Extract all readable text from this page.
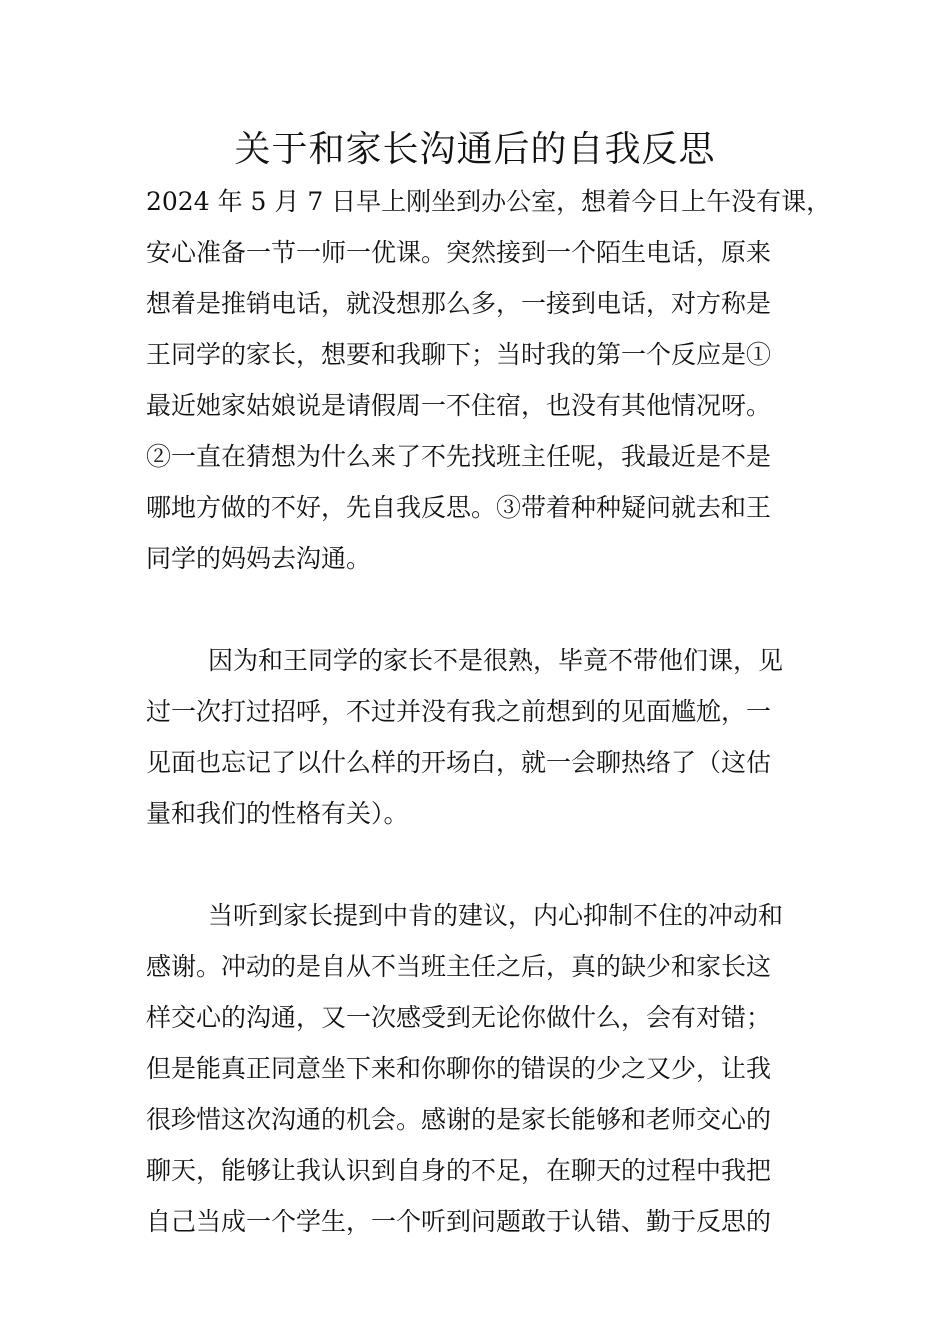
关于和家长沟通后的自我反思
2024 年 5 月 7 日早上刚坐到办公室，想着今日上午没有课，
安心准备一节一师一优课。突然接到一个陌生电话，原来
想着是推销电话，就没想那么多，一接到电话，对方称是
王同学的家长，想要和我聊下；当时我的第一个反应是①
最近她家姑娘说是请假周一不住宿，也没有其他情况呀。
②一直在猜想为什么来了不先找班主任呢，我最近是不是
哪地方做的不好，先自我反思。③带着种种疑问就去和王
同学的妈妈去沟通。
因为和王同学的家长不是很熟，毕竟不带他们课，见
过一次打过招呼，不过并没有我之前想到的见面尴尬，一
见面也忘记了以什么样的开场白，就一会聊热络了（这估
量和我们的性格有关）。
当听到家长提到中肯的建议，内心抑制不住的冲动和
感谢。冲动的是自从不当班主任之后，真的缺少和家长这
样交心的沟通，又一次感受到无论你做什么，会有对错；
但是能真正同意坐下来和你聊你的错误的少之又少，让我
很珍惜这次沟通的机会。感谢的是家长能够和老师交心的
聊天，能够让我认识到自身的不足，在聊天的过程中我把
自己当成一个学生，一个听到问题敢于认错、勤于反思的
